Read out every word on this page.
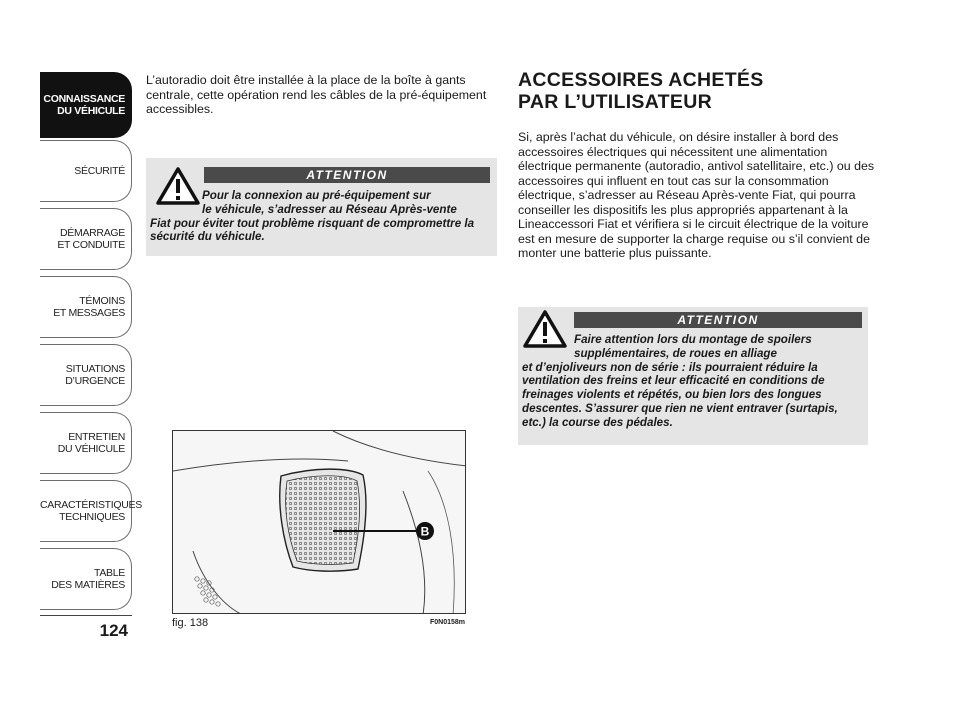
CONNAISSANCE
DU VÉHICULE
SÉCURITÉ
DÉMARRAGE
ET CONDUITE
TÉMOINS
ET MESSAGES
SITUATIONS
D’URGENCE
ENTRETIEN
DU VÉHICULE
CARACTÉRISTIQUES
TECHNIQUES
TABLE
DES MATIÈRES
124
L’autoradio doit être installée à la place de la boîte à gants centrale, cette opération rend les câbles de la pré-équipement accessibles.
ATTENTION
Pour la connexion au pré-équipement sur
le véhicule, s’adresser au Réseau Après-vente
Fiat pour éviter tout problème risquant de compromettre la sécurité du véhicule.
B
fig. 138	F0N0158m
ACCESSOIRES ACHETÉS
PAR L’UTILISATEUR
Si, après l’achat du véhicule, on désire installer à bord des accessoires électriques qui nécessitent une alimentation électrique permanente (autoradio, antivol satellitaire, etc.) ou des accessoires qui influent en tout cas sur la consommation électrique, s’adresser au Réseau Après-vente Fiat, qui pourra conseiller les dispositifs les plus appropriés appartenant à la Lineaccessori Fiat et vérifiera si le circuit électrique de la voiture est en mesure de supporter la charge requise ou s’il convient de monter une batterie plus puissante.
ATTENTION
Faire attention lors du montage de spoilers
supplémentaires, de roues en alliage
et d’enjoliveurs non de série : ils pourraient réduire la ventilation des freins et leur efficacité en conditions de freinages violents et répétés, ou bien lors des longues descentes. S’assurer que rien ne vient entraver (surtapis, etc.) la course des pédales.
